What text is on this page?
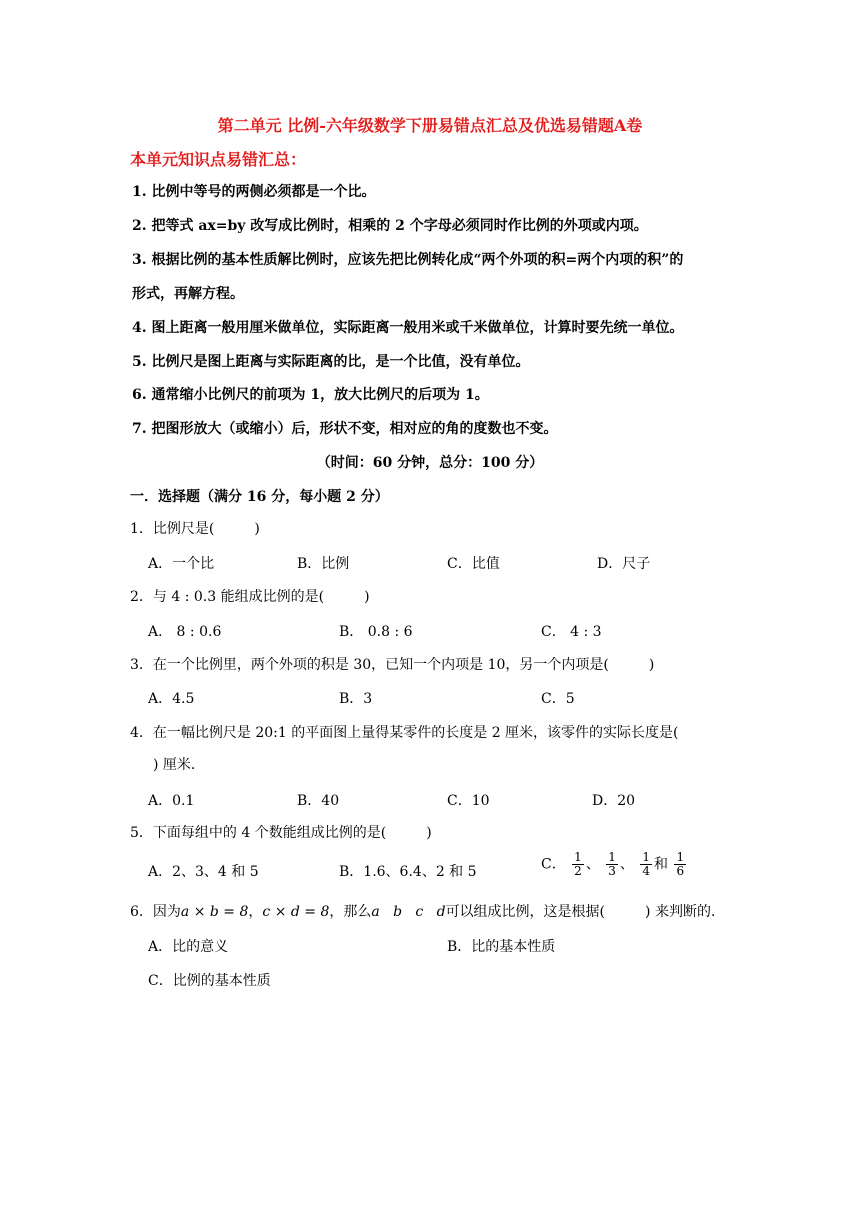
第二单元 比例-六年级数学下册易错点汇总及优选易错题A卷
本单元知识点易错汇总：
1. 比例中等号的两侧必须都是一个比。
2. 把等式 ax=by 改写成比例时，相乘的 2 个字母必须同时作比例的外项或内项。
3. 根据比例的基本性质解比例时，应该先把比例转化成“两个外项的积=两个内项的积”的
形式，再解方程。
4. 图上距离一般用厘米做单位，实际距离一般用米或千米做单位，计算时要先统一单位。
5. 比例尺是图上距离与实际距离的比，是一个比值，没有单位。
6. 通常缩小比例尺的前项为 1，放大比例尺的后项为 1。
7. 把图形放大（或缩小）后，形状不变，相对应的角的度数也不变。
（时间：60 分钟，总分：100 分）
一．选择题（满分 16 分，每小题 2 分）
1．比例尺是(	)
A．一个比	B．比例	C．比值	D．尺子
2．与 4 : 0.3 能组成比例的是(	)
A． 8 : 0.6	B． 0.8 : 6	C． 4 : 3
3．在一个比例里，两个外项的积是 30，已知一个内项是 10，另一个内项是(	)
A．4.5	B．3	C．5
4．在一幅比例尺是 20:1 的平面图上量得某零件的长度是 2 厘米，该零件的实际长度是(
) 厘米．
A．0.1	B．40	C．10	D．20
5．下面每组中的 4 个数能组成比例的是(	)
A．2、3、4 和 5	B．1.6、6.4、2 和 5	C． $\frac{1}{2}$ 、 $\frac{1}{3}$ 、 $\frac{1}{4}$ 和 $\frac{1}{6}$
6．因为a × b = 8，c × d = 8，那么a   b   c   d可以组成比例，这是根据(	) 来判断的．
A．比的意义	B．比的基本性质
C．比例的基本性质
